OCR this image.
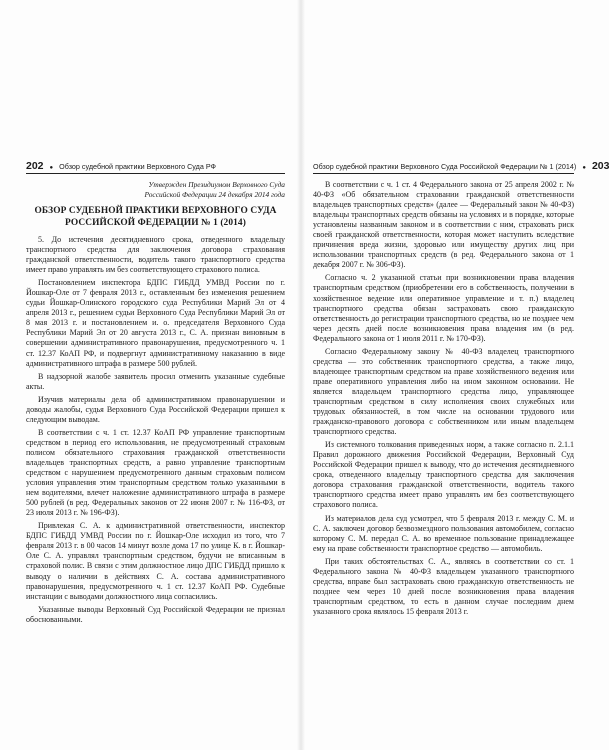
202 ● Обзор судебной практики Верховного Суда РФ
Утвержден Президиумом Верховного Суда
Российской Федерации 24 декабря 2014 года
ОБЗОР СУДЕБНОЙ ПРАКТИКИ ВЕРХОВНОГО СУДА
РОССИЙСКОЙ ФЕДЕРАЦИИ № 1 (2014)

5. До истечения десятидневного срока, отведенного владельцу транспортного средства для заключения договора страхования гражданской ответственности, водитель такого транспортного средства имеет право управлять им без соответствующего страхового полиса.

Постановлением инспектора БДПС ГИБДД УМВД России по г. Йошкар-Оле от 7 февраля 2013 г., оставленным без изменения решением судьи Йошкар-Олинского городского суда Республики Марий Эл от 4 апреля 2013 г., решением судьи Верховного Суда Республики Марий Эл от 8 мая 2013 г. и постановлением и. о. председателя Верховного Суда Республики Марий Эл от 20 августа 2013 г., С. А. признан виновным в совершении административного правонарушения, предусмотренного ч. 1 ст. 12.37 КоАП РФ, и подвергнут административному наказанию в виде административного штрафа в размере 500 рублей.

В надзорной жалобе заявитель просил отменить указанные судебные акты.

Изучив материалы дела об административном правонарушении и доводы жалобы, судья Верховного Суда Российской Федерации пришел к следующим выводам.

В соответствии с ч. 1 ст. 12.37 КоАП РФ управление транспортным средством в период его использования, не предусмотренный страховым полисом обязательного страхования гражданской ответственности владельцев транспортных средств, а равно управление транспортным средством с нарушением предусмотренного данным страховым полисом условия управления этим транспортным средством только указанными в нем водителями, влечет наложение административного штрафа в размере 500 рублей (в ред. Федеральных законов от 22 июня 2007 г. № 116-ФЗ, от 23 июля 2013 г. № 196-ФЗ).

Привлекая С. А. к административной ответственности, инспектор БДПС ГИБДД УМВД России по г. Йошкар-Оле исходил из того, что 7 февраля 2013 г. в 00 часов 14 минут возле дома 17 по улице К. в г. Йошкар-Оле С. А. управлял транспортным средством, будучи не вписанным в страховой полис. В связи с этим должностное лицо ДПС ГИБДД пришло к выводу о наличии в действиях С. А. состава административного правонарушения, предусмотренного ч. 1 ст. 12.37 КоАП РФ. Судебные инстанции с выводами должностного лица согласились.

Указанные выводы Верховный Суд Российской Федерации не признал обоснованными.

Обзор судебной практики Верховного Суда Российской Федерации № 1 (2014) ● 203

В соответствии с ч. 1 ст. 4 Федерального закона от 25 апреля 2002 г. № 40-ФЗ «Об обязательном страховании гражданской ответственности владельцев транспортных средств» (далее — Федеральный закон № 40-ФЗ) владельцы транспортных средств обязаны на условиях и в порядке, которые установлены названным законом и в соответствии с ним, страховать риск своей гражданской ответственности, которая может наступить вследствие причинения вреда жизни, здоровью или имуществу других лиц при использовании транспортных средств (в ред. Федерального закона от 1 декабря 2007 г. № 306-ФЗ).

Согласно ч. 2 указанной статьи при возникновении права владения транспортным средством (приобретении его в собственность, получении в хозяйственное ведение или оперативное управление и т. п.) владелец транспортного средства обязан застраховать свою гражданскую ответственность до регистрации транспортного средства, но не позднее чем через десять дней после возникновения права владения им (в ред. Федерального закона от 1 июля 2011 г. № 170-ФЗ).

Согласно Федеральному закону № 40-ФЗ владелец транспортного средства — это собственник транспортного средства, а также лицо, владеющее транспортным средством на праве хозяйственного ведения или праве оперативного управления либо на ином законном основании. Не является владельцем транспортного средства лицо, управляющее транспортным средством в силу исполнения своих служебных или трудовых обязанностей, в том числе на основании трудового или гражданско-правового договора с собственником или иным владельцем транспортного средства.

Из системного толкования приведенных норм, а также согласно п. 2.1.1 Правил дорожного движения Российской Федерации, Верховный Суд Российской Федерации пришел к выводу, что до истечения десятидневного срока, отведенного владельцу транспортного средства для заключения договора страхования гражданской ответственности, водитель такого транспортного средства имеет право управлять им без соответствующего страхового полиса.

Из материалов дела суд усмотрел, что 5 февраля 2013 г. между С. М. и С. А. заключен договор безвозмездного пользования автомобилем, согласно которому С. М. передал С. А. во временное пользование принадлежащее ему на праве собственности транспортное средство — автомобиль.

При таких обстоятельствах С. А., являясь в соответствии со ст. 1 Федерального закона № 40-ФЗ владельцем указанного транспортного средства, вправе был застраховать свою гражданскую ответственность не позднее чем через 10 дней после возникновения права владения транспортным средством, то есть в данном случае последним днем указанного срока являлось 15 февраля 2013 г.
